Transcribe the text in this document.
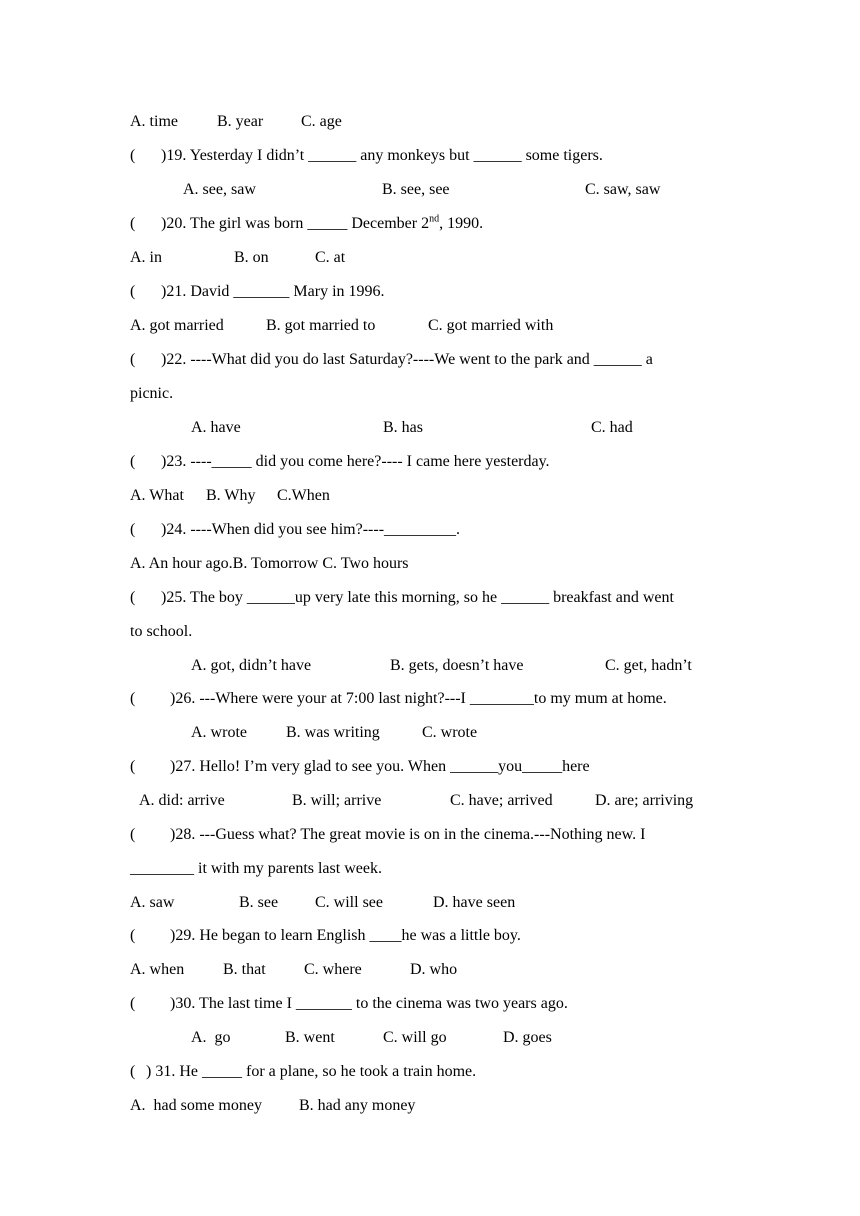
A. time

B. year

C. age

(

)19. Yesterday I didn’t ______ any monkeys but ______ some tigers.

A. see, saw

	B. see, see

	C. saw, saw

(

)20. The girl was born _____ December 2nd, 1990.

A. in

	B. on

	C. at

(

)21. David _______ Mary in 1996.

A. got married

	B. got married to

	C. got married with

(

)22. ----What did you do last Saturday?----We went to the park and ______ a

picnic.

A. have

	B. has

	C. had

(

)23. ----_____ did you come here?---- I came here yesterday.

A. What

B. Why

C.When

(

)24. ----When did you see him?----_________.

A. An hour ago.B. Tomorrow C. Two hours

(

)25. The boy ______up very late this morning, so he ______ breakfast and went

to school.

A. got, didn’t have

	B. gets, doesn’t have

	C. get, hadn’t

(

)26. ---Where were your at 7:00 last night?---I ________to my mum at home.

A. wrote

B. was writing

	C. wrote

(

)27. Hello! I’m very glad to see you. When ______you_____here

A. did: arrive

	B. will; arrive

	C. have; arrived

	D. are; arriving

(

)28. ---Guess what? The great movie is on in the cinema.---Nothing new. I

________ it with my parents last week.

A. saw

	B. see

C. will see

	D. have seen

(

)29. He began to learn English ____he was a little boy.

A. when

B. that

C. where

	D. who

(

)30. The last time I _______ to the cinema was two years ago.

A.  go

	B. went

	C. will go

	D. goes

(

) 31. He _____ for a plane, so he took a train home.

A.  had some money

B. had any money
